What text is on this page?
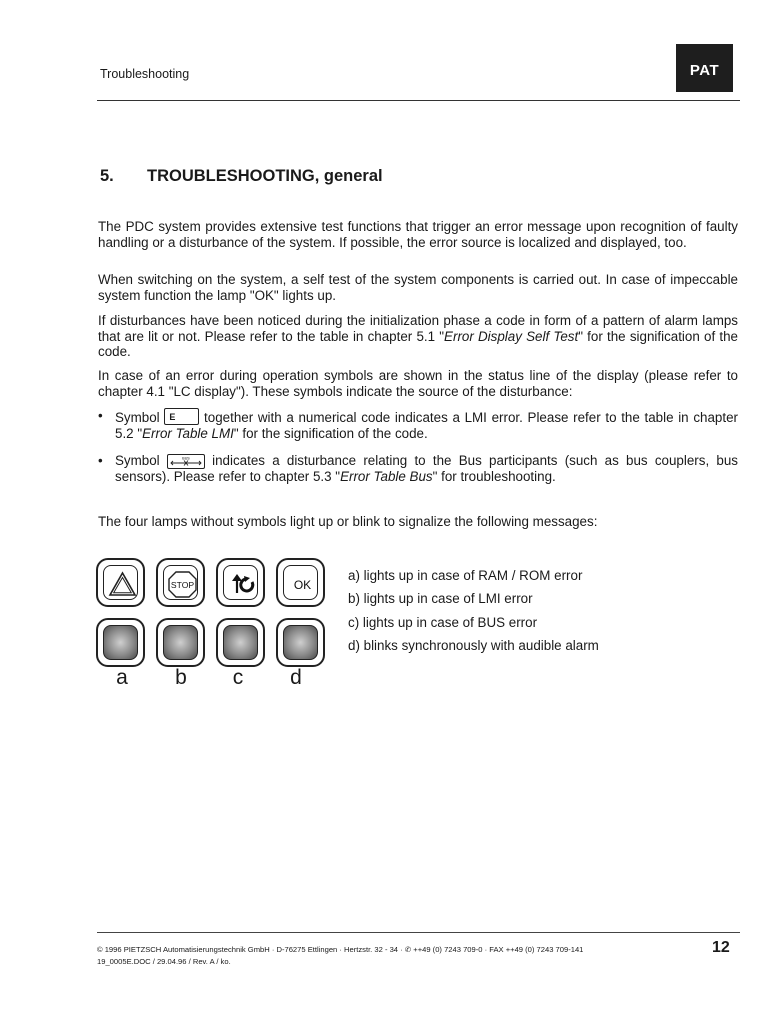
Troubleshooting	PAT
5. TROUBLESHOOTING, general

The PDC system provides extensive test functions that trigger an error message upon recognition of faulty handling or a disturbance of the system. If possible, the error source is localized and displayed, too.

When switching on the system, a self test of the system components is carried out. In case of impeccable system function the lamp "OK" lights up.

If disturbances have been noticed during the initialization phase a code in form of a pattern of alarm lamps that are lit or not. Please refer to the table in chapter 5.1 "Error Display Self Test" for the signification of the code.

In case of an error during operation symbols are shown in the status line of the display (please refer to chapter 4.1 "LC display"). These symbols indicate the source of the disturbance:

• Symbol E together with a numerical code indicates a LMI error. Please refer to the table in chapter 5.2 "Error Table LMI" for the signification of the code.
• Symbol	BUS indicates a disturbance relating to the Bus participants (such as bus couplers, bus sensors). Please refer to chapter 5.3 "Error Table Bus" for troubleshooting.

The four lamps without symbols light up or blink to signalize the following messages:

STOP	OK
a b c d
a) lights up in case of RAM / ROM error
b) lights up in case of LMI error
c) lights up in case of BUS error
d) blinks synchronously with audible alarm
© 1996 PIETZSCH Automatisierungstechnik GmbH · D-76275 Ettlingen · Hertzstr. 32 - 34 · ✆ ++49 (0) 7243 709-0 · FAX ++49 (0) 7243 709-141
19_0005E.DOC / 29.04.96 / Rev. A / ko.
12
